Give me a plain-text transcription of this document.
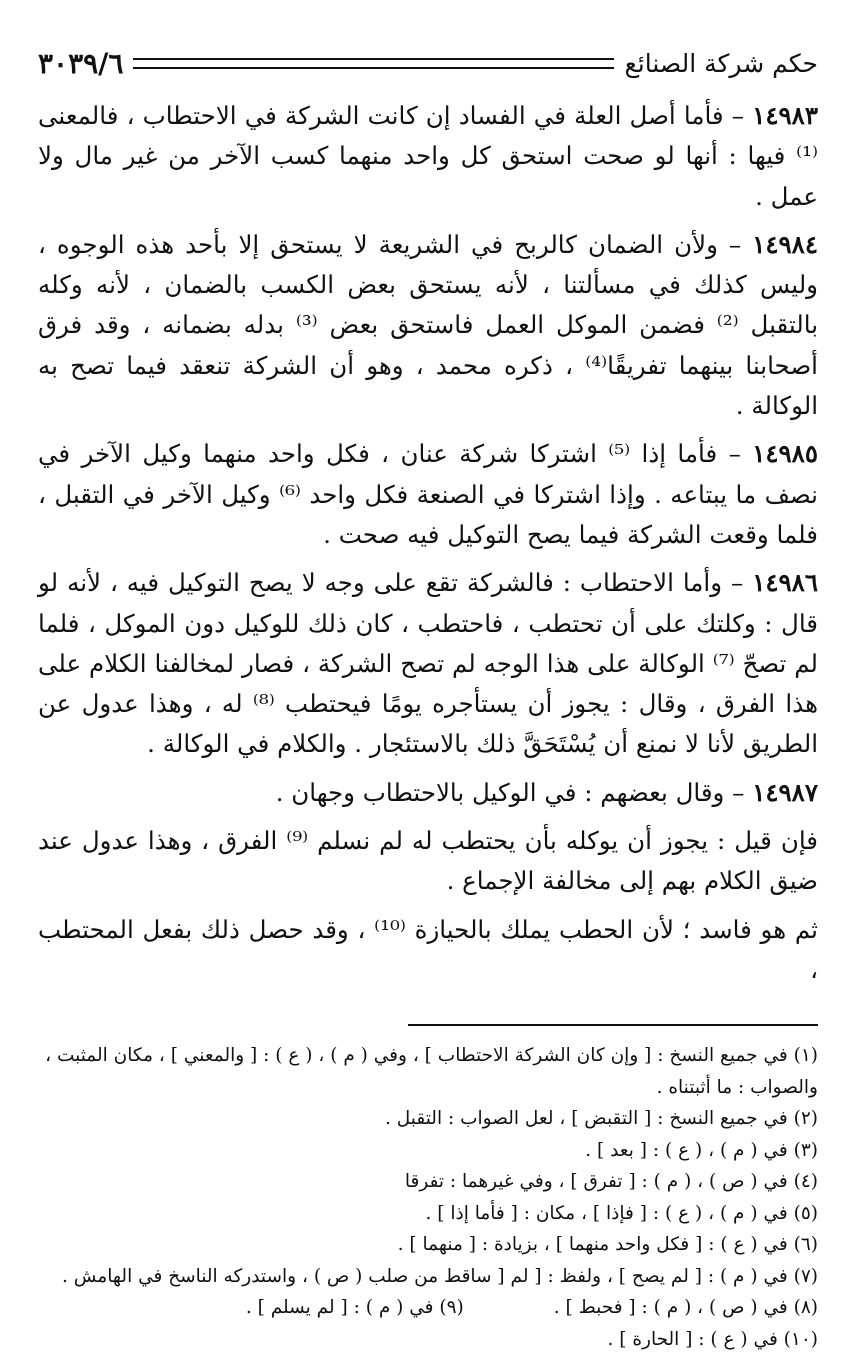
حكم شركة الصنائع
٣٠٣٩/٦

١٤٩٨٣ – فأما أصل العلة في الفساد إن كانت الشركة في الاحتطاب ، فالمعنى ⁽¹⁾ فيها : أنها لو صحت استحق كل واحد منهما كسب الآخر من غير مال ولا عمل .

١٤٩٨٤ – ولأن الضمان كالربح في الشريعة لا يستحق إلا بأحد هذه الوجوه ، وليس كذلك في مسألتنا ، لأنه يستحق بعض الكسب بالضمان ، لأنه وكله بالتقبل ⁽²⁾ فضمن الموكل العمل فاستحق بعض ⁽³⁾ بدله بضمانه ، وقد فرق أصحابنا بينهما تفريقًا⁽⁴⁾ ، ذكره محمد ، وهو أن الشركة تنعقد فيما تصح به الوكالة .

١٤٩٨٥ – فأما إذا ⁽⁵⁾ اشتركا شركة عنان ، فكل واحد منهما وكيل الآخر في نصف ما يبتاعه . وإذا اشتركا في الصنعة فكل واحد ⁽⁶⁾ وكيل الآخر في التقبل ، فلما وقعت الشركة فيما يصح التوكيل فيه صحت .

١٤٩٨٦ – وأما الاحتطاب : فالشركة تقع على وجه لا يصح التوكيل فيه ، لأنه لو قال : وكلتك على أن تحتطب ، فاحتطب ، كان ذلك للوكيل دون الموكل ، فلما لم تصحّ ⁽⁷⁾ الوكالة على هذا الوجه لم تصح الشركة ، فصار لمخالفنا الكلام على هذا الفرق ، وقال : يجوز أن يستأجره يومًا فيحتطب ⁽⁸⁾ له ، وهذا عدول عن الطريق لأنا لا نمنع أن يُسْتَحَقَّ ذلك بالاستئجار . والكلام في الوكالة .

١٤٩٨٧ – وقال بعضهم : في الوكيل بالاحتطاب وجهان .

فإن قيل : يجوز أن يوكله بأن يحتطب له لم نسلم ⁽⁹⁾ الفرق ، وهذا عدول عند ضيق الكلام بهم إلى مخالفة الإجماع .

ثم هو فاسد ؛ لأن الحطب يملك بالحيازة ⁽¹⁰⁾ ، وقد حصل ذلك بفعل المحتطب ،

(١) في جميع النسخ : [ وإن كان الشركة الاحتطاب ] ، وفي ( م ) ، ( ع ) : [ والمعني ] ، مكان المثبت ، والصواب : ما أثبتناه .

(٢) في جميع النسخ : [ التقبض ] ، لعل الصواب : التقبل .

(٣) في ( م ) ، ( ع ) : [ بعد ] .

(٤) في ( ص ) ، ( م ) : [ تفرق ] ، وفي غيرهما : تفرقا

(٥) في ( م ) ، ( ع ) : [ فإذا ] ، مكان : [ فأما إذا ] .

(٦) في ( ع ) : [ فكل واحد منهما ] ، بزيادة : [ منهما ] .

(٧) في ( م ) : [ لم يصح ] ، ولفظ : [ لم [ ساقط من صلب ( ص ) ، واستدركه الناسخ في الهامش .

(٨) في ( ص ) ، ( م ) : [ فحبط ] .

(٩) في ( م ) : [ لم يسلم ] .

(١٠) في ( ع ) : [ الحارة ] .
